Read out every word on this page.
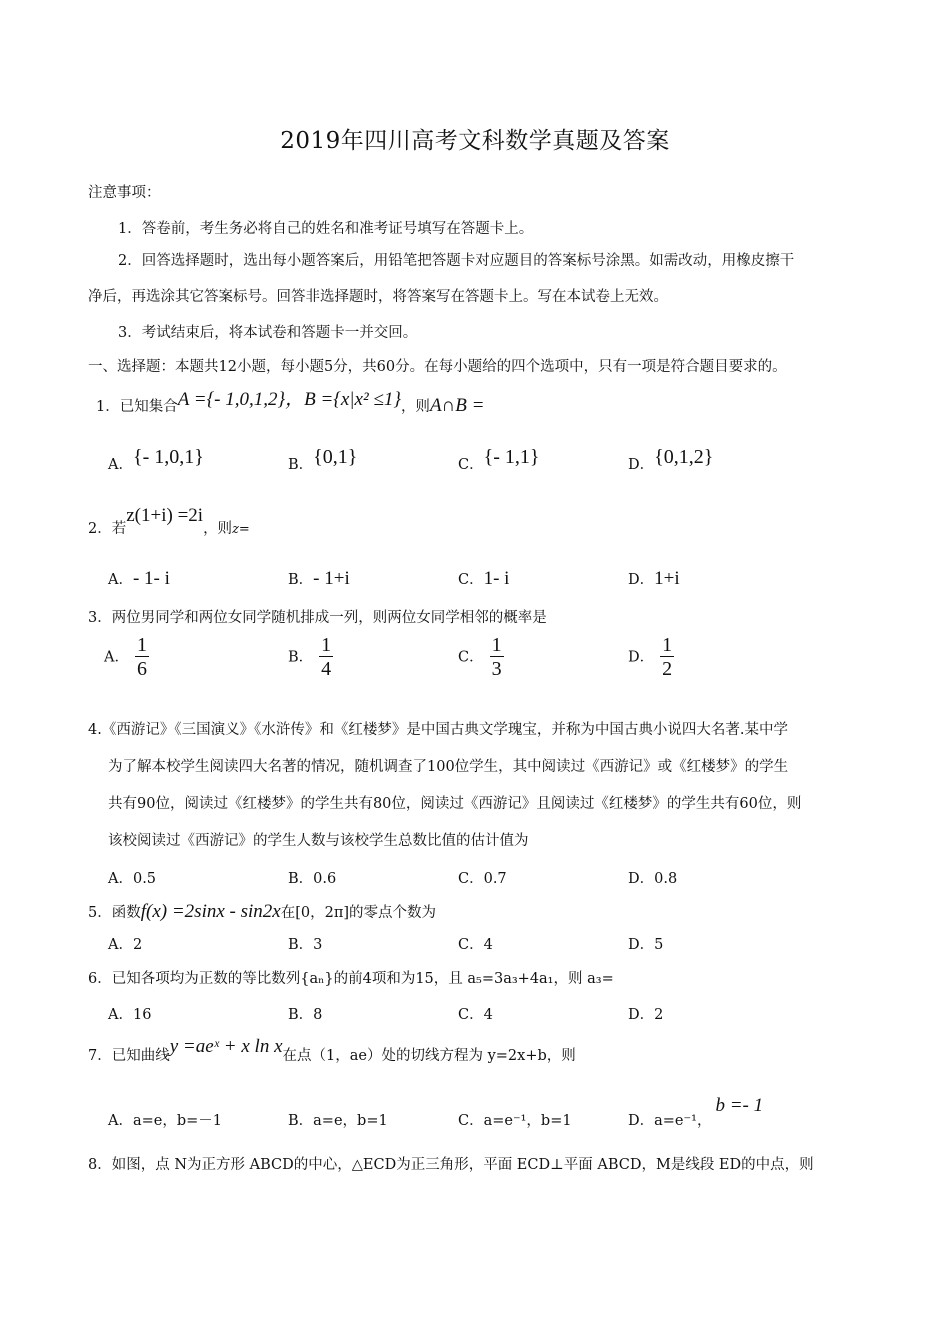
2019年四川高考文科数学真题及答案
注意事项：
1．答卷前，考生务必将自己的姓名和准考证号填写在答题卡上。
2．回答选择题时，选出每小题答案后，用铅笔把答题卡对应题目的答案标号涂黑。如需改动，用橡皮擦干
净后，再选涂其它答案标号。回答非选择题时，将答案写在答题卡上。写在本试卷上无效。
3．考试结束后，将本试卷和答题卡一并交回。
一、选择题：本题共12小题，每小题5分，共60分。在每小题给的四个选项中，只有一项是符合题目要求的。
1．已知集合A ={- 1,0,1,2}，B ={x|x² ≤1}，则A∩B =
A．{- 1,0,1}	B．{0,1}	C．{- 1,1}	D．{0,1,2}
2．若z(1+i) =2i，则z=
A．- 1- i	B．- 1+i	C．1- i	D．1+i
3．两位男同学和两位女同学随机排成一列，则两位女同学相邻的概率是
A． $\frac{1}{6}$	B． $\frac{1}{4}$	C． $\frac{1}{3}$	D． $\frac{1}{2}$
4.《西游记》《三国演义》《水浒传》和《红楼梦》是中国古典文学瑰宝，并称为中国古典小说四大名著.某中学
为了解本校学生阅读四大名著的情况，随机调查了100位学生，其中阅读过《西游记》或《红楼梦》的学生
共有90位，阅读过《红楼梦》的学生共有80位，阅读过《西游记》且阅读过《红楼梦》的学生共有60位，则
该校阅读过《西游记》的学生人数与该校学生总数比值的估计值为
A．0.5	B．0.6	C．0.7	D．0.8
5．函数f(x) =2sinx - sin2x在[0，2π]的零点个数为
A．2	B．3	C．4	D．5
6．已知各项均为正数的等比数列{aₙ}的前4项和为15，且 a₅=3a₃+4a₁，则 a₃=
A．16	B．8	C．4	D．2
7．已知曲线y =aeˣ + x ln x在点（1，ae）处的切线方程为 y=2x+b，则
A．a=e，b=－1	B．a=e，b=1	C．a=e⁻¹，b=1	D．a=e⁻¹，b =- 1
8．如图，点 N为正方形 ABCD的中心，△ECD为正三角形，平面 ECD⊥平面 ABCD，M是线段 ED的中点，则
